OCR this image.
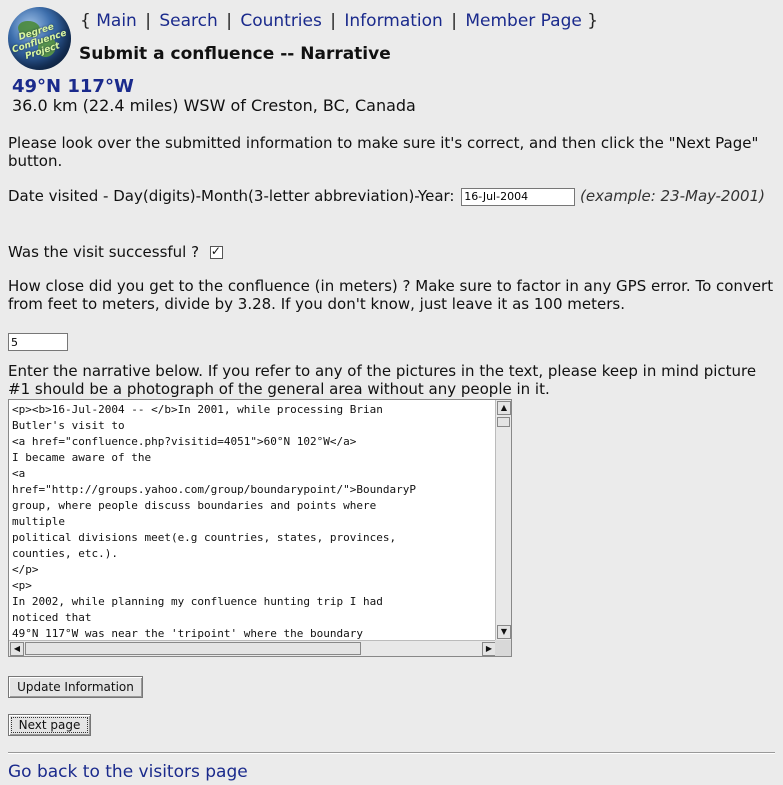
Degree Confluence Project
{ Main | Search | Countries | Information | Member Page }
Submit a confluence -- Narrative
49°N 117°W
36.0 km (22.4 miles) WSW of Creston, BC, Canada
Please look over the submitted information to make sure it's correct, and then click the "Next Page" button.
Date visited - Day(digits)-Month(3-letter abbreviation)-Year: 16-Jul-2004	(example: 23-May-2001)
Was the visit successful ? ✓
How close did you get to the confluence (in meters) ? Make sure to factor in any GPS error. To convert from feet to meters, divide by 3.28. If you don't know, just leave it as 100 meters.
5
Enter the narrative below. If you refer to any of the pictures in the text, please keep in mind picture #1 should be a photograph of the general area without any people in it.
<p><b>16-Jul-2004 -- </b>In 2001, while processing Brian
Butler's visit to
<a href="confluence.php?visitid=4051">60°N 102°W</a>
I became aware of the
<a
href="http://groups.yahoo.com/group/boundarypoint/">BoundaryP
group, where people discuss boundaries and points where
multiple
political divisions meet(e.g countries, states, provinces,
counties, etc.).
</p>
<p>
In 2002, while planning my confluence hunting trip I had
noticed that
49°N 117°W was near the 'tripoint' where the boundary
▲
▼
◀	▶
Update Information
Next page
Go back to the visitors page
